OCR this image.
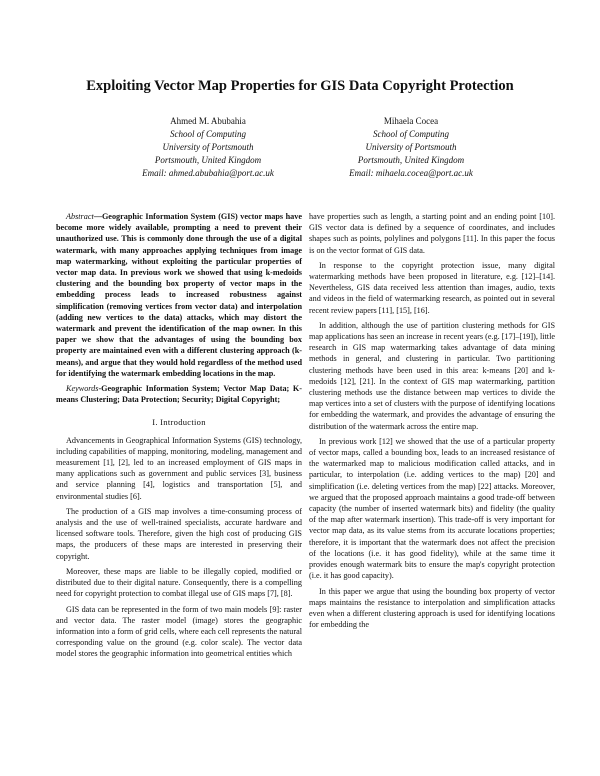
Exploiting Vector Map Properties for GIS Data Copyright Protection
Ahmed M. Abubahia
School of Computing
University of Portsmouth
Portsmouth, United Kingdom
Email: ahmed.abubahia@port.ac.uk
Mihaela Cocea
School of Computing
University of Portsmouth
Portsmouth, United Kingdom
Email: mihaela.cocea@port.ac.uk

Abstract—Geographic Information System (GIS) vector maps have become more widely available, prompting a need to prevent their unauthorized use. This is commonly done through the use of a digital watermark, with many approaches applying techniques from image map watermarking, without exploiting the particular properties of vector map data. In previous work we showed that using k-medoids clustering and the bounding box property of vector maps in the embedding process leads to increased robustness against simplification (removing vertices from vector data) and interpolation (adding new vertices to the data) attacks, which may distort the watermark and prevent the identification of the map owner. In this paper we show that the advantages of using the bounding box property are maintained even with a different clustering approach (k-means), and argue that they would hold regardless of the method used for identifying the watermark embedding locations in the map.

Keywords-Geographic Information System; Vector Map Data; K-means Clustering; Data Protection; Security; Digital Copyright;

I. Introduction

Advancements in Geographical Information Systems (GIS) technology, including capabilities of mapping, monitoring, modeling, management and measurement [1], [2], led to an increased employment of GIS maps in many applications such as government and public services [3], business and service planning [4], logistics and transportation [5], and environmental studies [6].

The production of a GIS map involves a time-consuming process of analysis and the use of well-trained specialists, accurate hardware and licensed software tools. Therefore, given the high cost of producing GIS maps, the producers of these maps are interested in preserving their copyright.

Moreover, these maps are liable to be illegally copied, modified or distributed due to their digital nature. Consequently, there is a compelling need for copyright protection to combat illegal use of GIS maps [7], [8].

GIS data can be represented in the form of two main models [9]: raster and vector data. The raster model (image) stores the geographic information into a form of grid cells, where each cell represents the natural corresponding value on the ground (e.g. color scale). The vector data model stores the geographic information into geometrical entities which

have properties such as length, a starting point and an ending point [10]. GIS vector data is defined by a sequence of coordinates, and includes shapes such as points, polylines and polygons [11]. In this paper the focus is on the vector format of GIS data.

In response to the copyright protection issue, many digital watermarking methods have been proposed in literature, e.g. [12]–[14]. Nevertheless, GIS data received less attention than images, audio, texts and videos in the field of watermarking research, as pointed out in several recent review papers [11], [15], [16].

In addition, although the use of partition clustering methods for GIS map applications has seen an increase in recent years (e.g. [17]–[19]), little research in GIS map watermarking takes advantage of data mining methods in general, and clustering in particular. Two partitioning clustering methods have been used in this area: k-means [20] and k-medoids [12], [21]. In the context of GIS map watermarking, partition clustering methods use the distance between map vertices to divide the map vertices into a set of clusters with the purpose of identifying locations for embedding the watermark, and provides the advantage of ensuring the distribution of the watermark across the entire map.

In previous work [12] we showed that the use of a particular property of vector maps, called a bounding box, leads to an increased resistance of the watermarked map to malicious modification called attacks, and in particular, to interpolation (i.e. adding vertices to the map) [20] and simplification (i.e. deleting vertices from the map) [22] attacks. Moreover, we argued that the proposed approach maintains a good trade-off between capacity (the number of inserted watermark bits) and fidelity (the quality of the map after watermark insertion). This trade-off is very important for vector map data, as its value stems from its accurate locations properties; therefore, it is important that the watermark does not affect the precision of the locations (i.e. it has good fidelity), while at the same time it provides enough watermark bits to ensure the map's copyright protection (i.e. it has good capacity).

In this paper we argue that using the bounding box property of vector maps maintains the resistance to interpolation and simplification attacks even when a different clustering approach is used for identifying locations for embedding the
